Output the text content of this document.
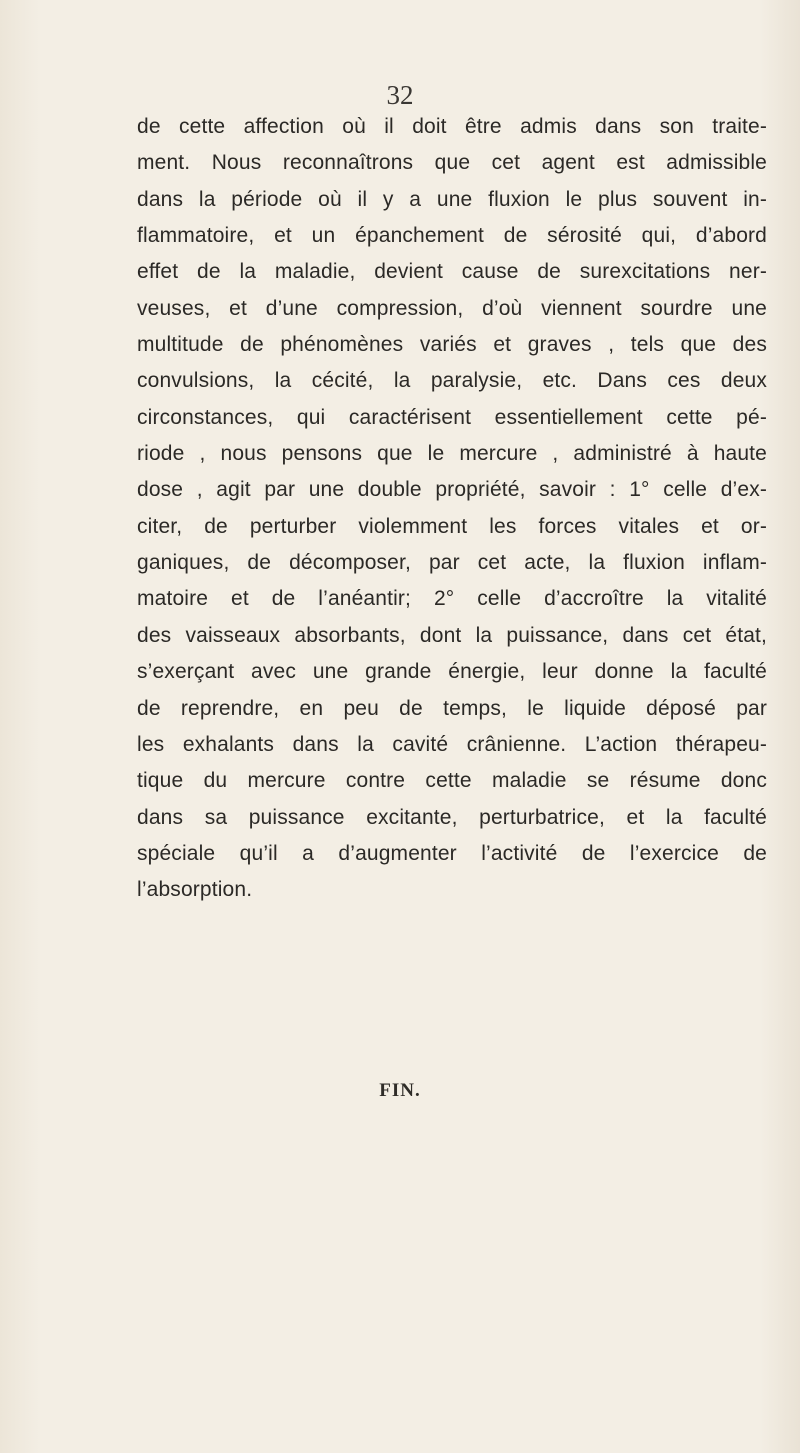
32
de cette affection où il doit être admis dans son traite-
ment. Nous reconnaîtrons que cet agent est admissible
dans la période où il y a une fluxion le plus souvent in-
flammatoire, et un épanchement de sérosité qui, d’abord
effet de la maladie, devient cause de surexcitations ner-
veuses, et d’une compression, d’où viennent sourdre une
multitude de phénomènes variés et graves , tels que des
convulsions, la cécité, la paralysie, etc. Dans ces deux
circonstances, qui caractérisent essentiellement cette pé-
riode , nous pensons que le mercure , administré à haute
dose , agit par une double propriété, savoir : 1° celle d’ex-
citer, de perturber violemment les forces vitales et or-
ganiques, de décomposer, par cet acte, la fluxion inflam-
matoire et de l’anéantir; 2° celle d’accroître la vitalité
des vaisseaux absorbants, dont la puissance, dans cet état,
s’exerçant avec une grande énergie, leur donne la faculté
de reprendre, en peu de temps, le liquide déposé par
les exhalants dans la cavité crânienne. L’action thérapeu-
tique du mercure contre cette maladie se résume donc
dans sa puissance excitante, perturbatrice, et la faculté
spéciale qu’il a d’augmenter l’activité de l’exercice de
l’absorption.
FIN.
